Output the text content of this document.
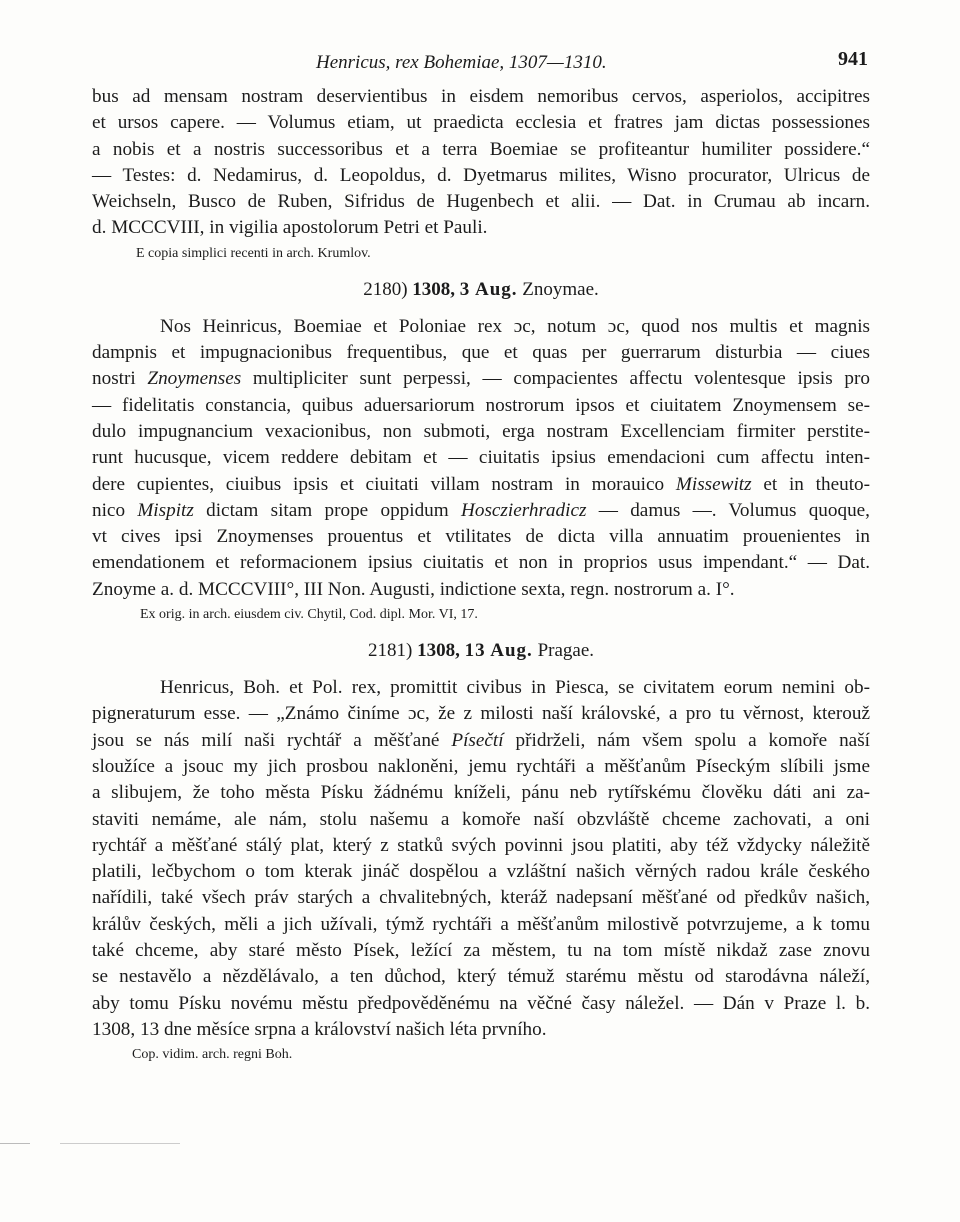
Henricus, rex Bohemiae, 1307—1310.	941
bus ad mensam nostram deservientibus in eisdem nemoribus cervos, asperiolos, accipitres
et ursos capere. — Volumus etiam, ut praedicta ecclesia et fratres jam dictas possessiones
a nobis et a nostris successoribus et a terra Boemiae se profiteantur humiliter possidere.“
— Testes: d. Nedamirus, d. Leopoldus, d. Dyetmarus milites, Wisno procurator, Ulricus de
Weichseln, Busco de Ruben, Sifridus de Hugenbech et alii. — Dat. in Crumau ab incarn.
d. MCCCVIII, in vigilia apostolorum Petri et Pauli.
E copia simplici recenti in arch. Krumlov.
2180) 1308, 3 Aug. Znoymae.
Nos Heinricus, Boemiae et Poloniae rex ɔc, notum ɔc, quod nos multis et magnis
dampnis et impugnacionibus frequentibus, que et quas per guerrarum disturbia — ciues
nostri Znoymenses multipliciter sunt perpessi, — compacientes affectu volentesque ipsis pro
— fidelitatis constancia, quibus aduersariorum nostrorum ipsos et ciuitatem Znoymensem se-
dulo impugnancium vexacionibus, non submoti, erga nostram Excellenciam firmiter perstite-
runt hucusque, vicem reddere debitam et — ciuitatis ipsius emendacioni cum affectu inten-
dere cupientes, ciuibus ipsis et ciuitati villam nostram in morauico Missewitz et in theuto-
nico Mispitz dictam sitam prope oppidum Hosczierhradicz — damus —. Volumus quoque,
vt cives ipsi Znoymenses prouentus et vtilitates de dicta villa annuatim prouenientes in
emendationem et reformacionem ipsius ciuitatis et non in proprios usus impendant.“ — Dat.
Znoyme a. d. MCCCVIII°, III Non. Augusti, indictione sexta, regn. nostrorum a. I°.
Ex orig. in arch. eiusdem civ. Chytil, Cod. dipl. Mor. VI, 17.
2181) 1308, 13 Aug. Pragae.
Henricus, Boh. et Pol. rex, promittit civibus in Piesca, se civitatem eorum nemini ob-
pigneraturum esse. — „Známo činíme ɔc, že z milosti naší královské, a pro tu věrnost, kterouž
jsou se nás milí naši rychtář a měšťané Písečtí přidrželi, nám všem spolu a komoře naší
sloužíce a jsouc my jich prosbou nakloněni, jemu rychtáři a měšťanům Píseckým slíbili jsme
a slibujem, že toho města Písku žádnému kníželi, pánu neb rytířskému člověku dáti ani za-
staviti nemáme, ale nám, stolu našemu a komoře naší obzvláště chceme zachovati, a oni
rychtář a měšťané stálý plat, který z statků svých povinni jsou platiti, aby též vždycky náležitě
platili, lečbychom o tom kterak jináč dospělou a vzláštní našich věrných radou krále českého
nařídili, také všech práv starých a chvalitebných, kteráž nadepsaní měšťané od předkův našich,
králův českých, měli a jich užívali, týmž rychtáři a měšťanům milostivě potvrzujeme, a k tomu
také chceme, aby staré město Písek, ležící za městem, tu na tom místě nikdaž zase znovu
se nestavělo a nězdělávalo, a ten důchod, který témuž starému městu od starodávna náleží,
aby tomu Písku novému městu předpověděnému na věčné časy náležel. — Dán v Praze l. b.
1308, 13 dne měsíce srpna a království našich léta prvního.
Cop. vidim. arch. regni Boh.
